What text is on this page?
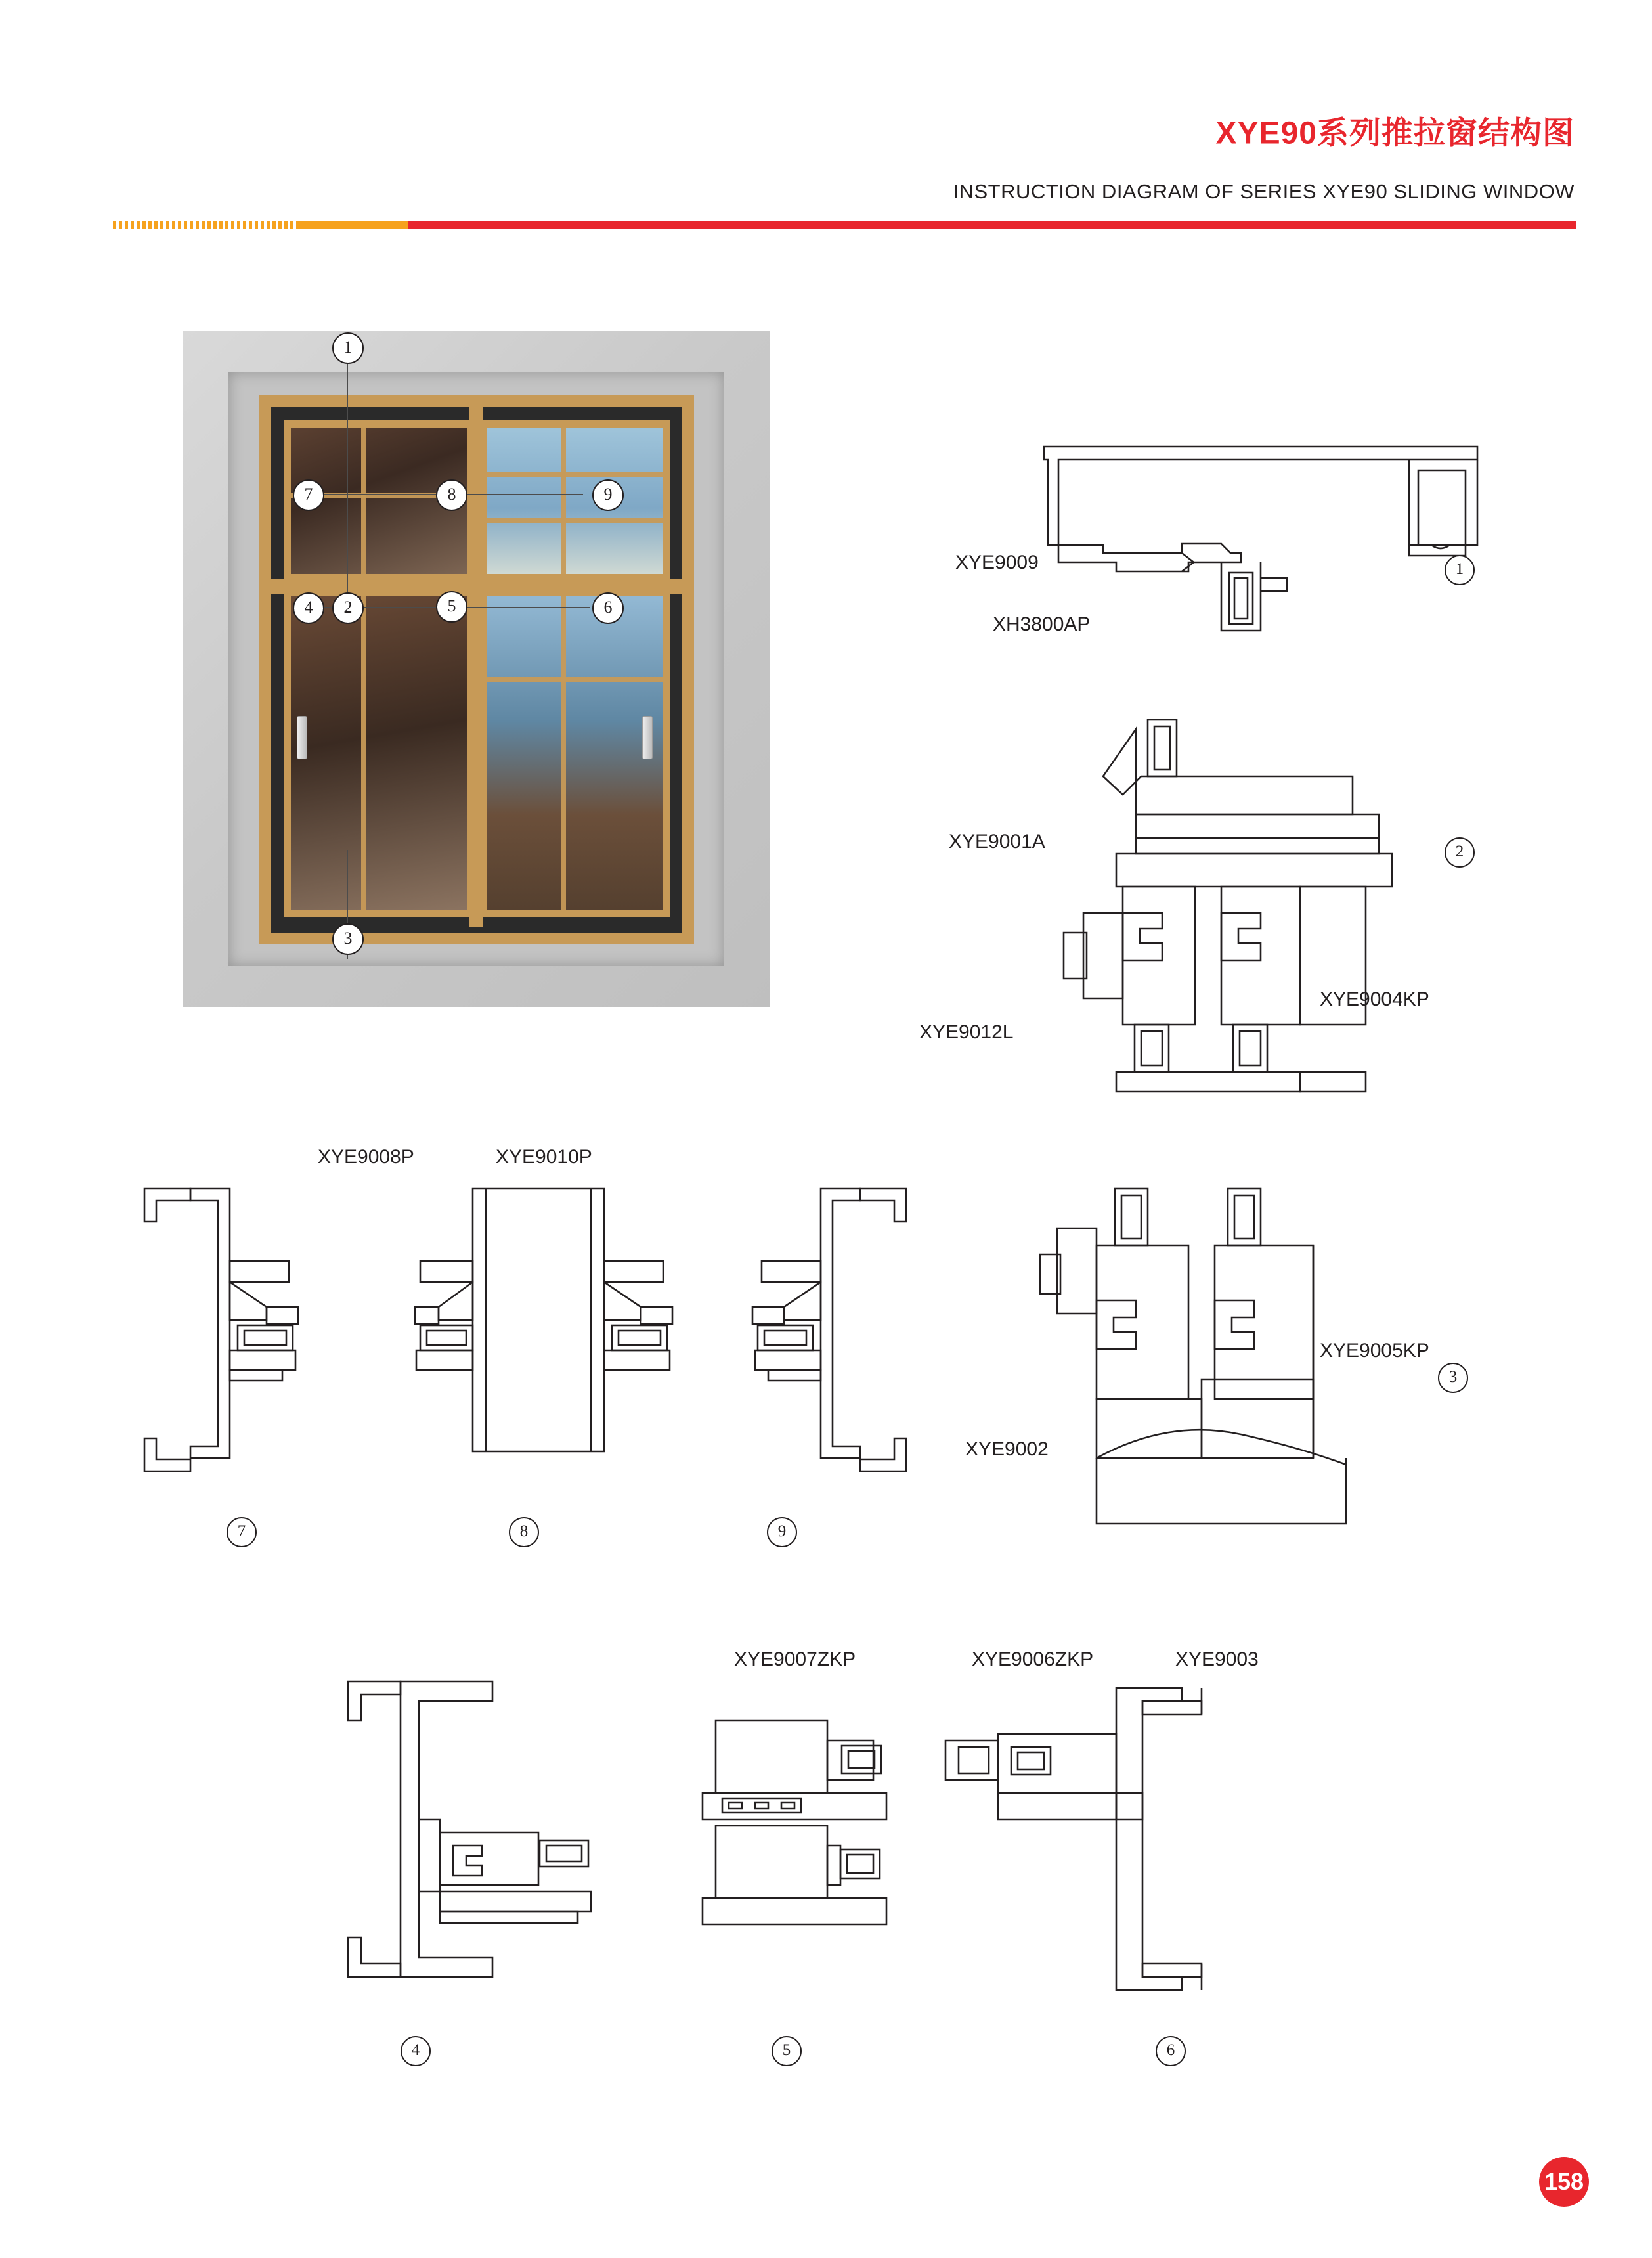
XYE90系列推拉窗结构图
INSTRUCTION DIAGRAM OF SERIES XYE90 SLIDING WINDOW
1
3
7	9
4	6
2	5
8
XYE9009
XH3800AP
1
XYE9001A
XYE9012L
XYE9004KP
2
XYE9005KP
XYE9002
3
XYE9008P
7
XYE9010P
8	9
4
XYE9007ZKP
5
XYE9006ZKP	XYE9003
6
158
